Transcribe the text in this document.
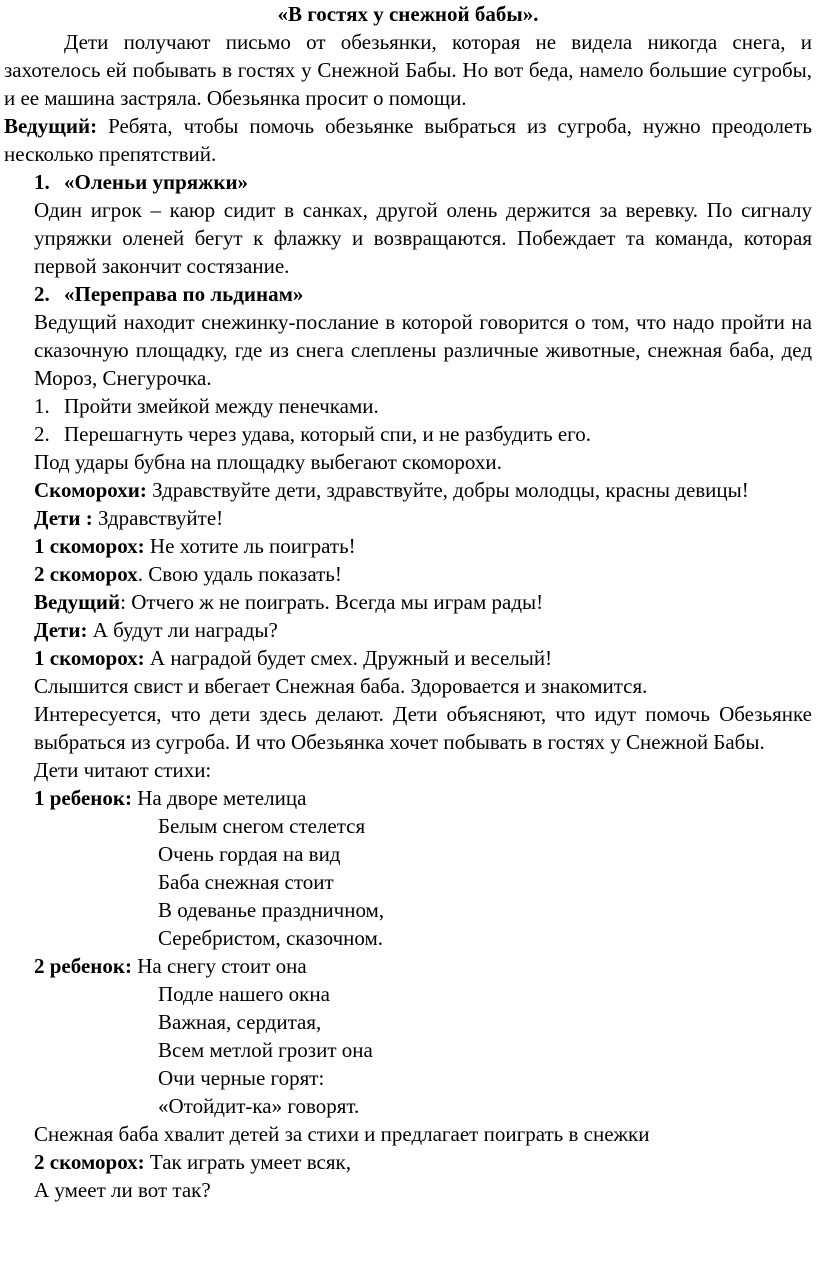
«В гостях у снежной бабы».

Дети получают письмо от обезьянки, которая не видела никогда снега, и захотелось ей побывать в гостях у Снежной Бабы. Но вот беда, намело большие сугробы, и ее машина застряла. Обезьянка просит о помощи.

Ведущий: Ребята, чтобы помочь обезьянке выбраться из сугроба, нужно преодолеть несколько препятствий.

1. «Оленьи упряжки»

Один игрок – каюр сидит в санках, другой олень держится за веревку. По сигналу упряжки оленей бегут к флажку и возвращаются. Побеждает та команда, которая первой закончит состязание.

2. «Переправа по льдинам»

Ведущий находит снежинку-послание в которой говорится о том, что надо пройти на сказочную площадку, где из снега слеплены различные животные, снежная баба, дед Мороз, Снегурочка.

1. Пройти змейкой между пенечками.

2. Перешагнуть через удава, который спи, и не разбудить его.

Под удары бубна на площадку выбегают скоморохи.

Скоморохи: Здравствуйте дети, здравствуйте, добры молодцы, красны девицы!

Дети : Здравствуйте!

1 скоморох: Не хотите ль поиграть!

2 скоморох. Свою удаль показать!

Ведущий: Отчего ж не поиграть. Всегда мы играм рады!

Дети: А будут ли награды?

1 скоморох: А наградой будет смех. Дружный и веселый!

Слышится свист и вбегает Снежная баба. Здоровается и знакомится.

Интересуется, что дети здесь делают. Дети объясняют, что идут помочь Обезьянке выбраться из сугроба. И что Обезьянка хочет побывать в гостях у Снежной Бабы.

Дети читают стихи:

1 ребенок: На дворе метелица

Белым снегом стелется

Очень гордая на вид

Баба снежная стоит

В одеванье праздничном,

Серебристом, сказочном.

2 ребенок: На снегу стоит она

Подле нашего окна

Важная, сердитая,

Всем метлой грозит она

Очи черные горят:

«Отойдит-ка» говорят.

Снежная баба хвалит детей за стихи и предлагает поиграть в снежки

2 скоморох: Так играть умеет всяк,

А умеет ли вот так?
